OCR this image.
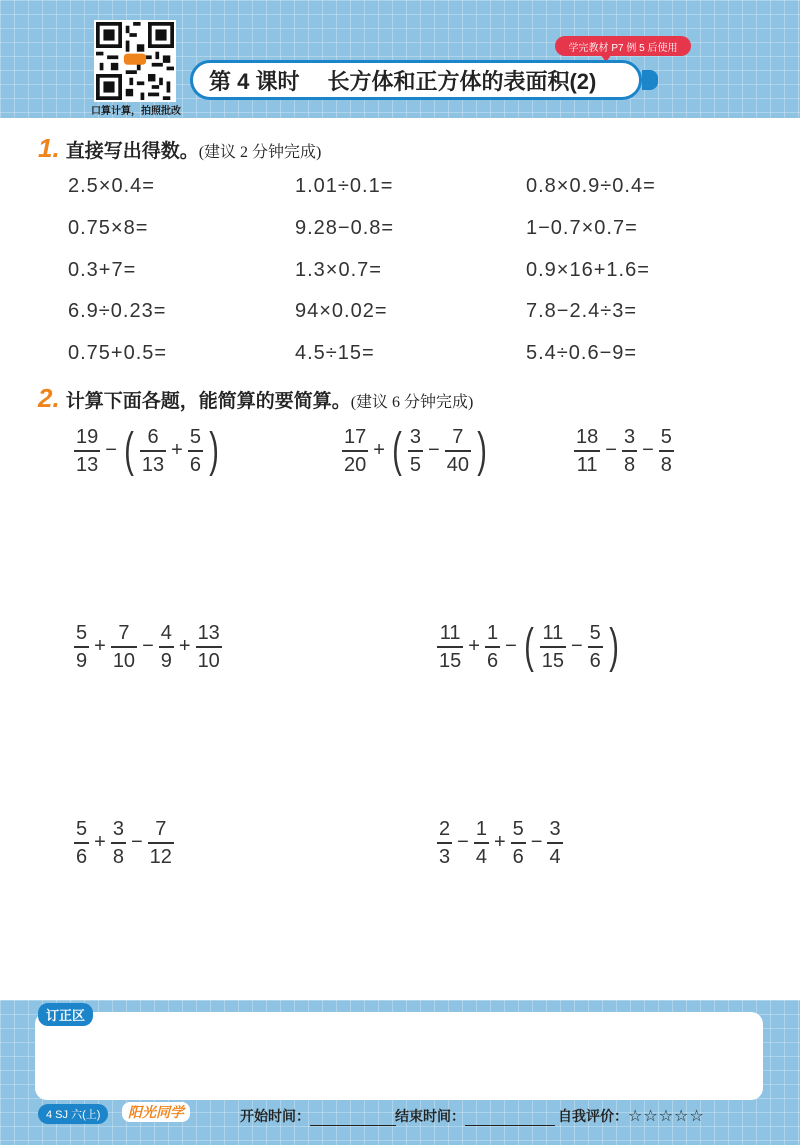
口算计算，拍照批改
学完教材 P7 例 5 后使用
第 4 课时 长方体和正方体的表面积(2)
1. 直接写出得数。 (建议 2 分钟完成)
2.5×0.4=	1.01÷0.1=	0.8×0.9÷0.4=
0.75×8=	9.28−0.8=	1−0.7×0.7=
0.3+7=	1.3×0.7=	0.9×16+1.6=
6.9÷0.23=	94×0.02=	7.8−2.4÷3=
0.75+0.5=	4.5÷15=	5.4÷0.6−9=
2. 计算下面各题，能简算的要简算。 (建议 6 分钟完成)
$\frac{19}{13}$ − ( $\frac{6}{13} + \frac{5}{6}$ )	$\frac{17}{20}$ + ( $\frac{3}{5} - \frac{7}{40}$ )	$\frac{18}{11} - \frac{3}{8} - \frac{5}{8}$
$\frac{5}{9} + \frac{7}{10} - \frac{4}{9} + \frac{13}{10}$	$\frac{11}{15} + \frac{1}{6}$ − ( $\frac{11}{15} - \frac{5}{6}$ )
$\frac{5}{6} + \frac{3}{8} - \frac{7}{12}$	$\frac{2}{3} - \frac{1}{4} + \frac{5}{6} - \frac{3}{4}$
订正区
4 SJ 六(上)	阳光同学	开始时间：	结束时间：	自我评价：☆☆☆☆☆
